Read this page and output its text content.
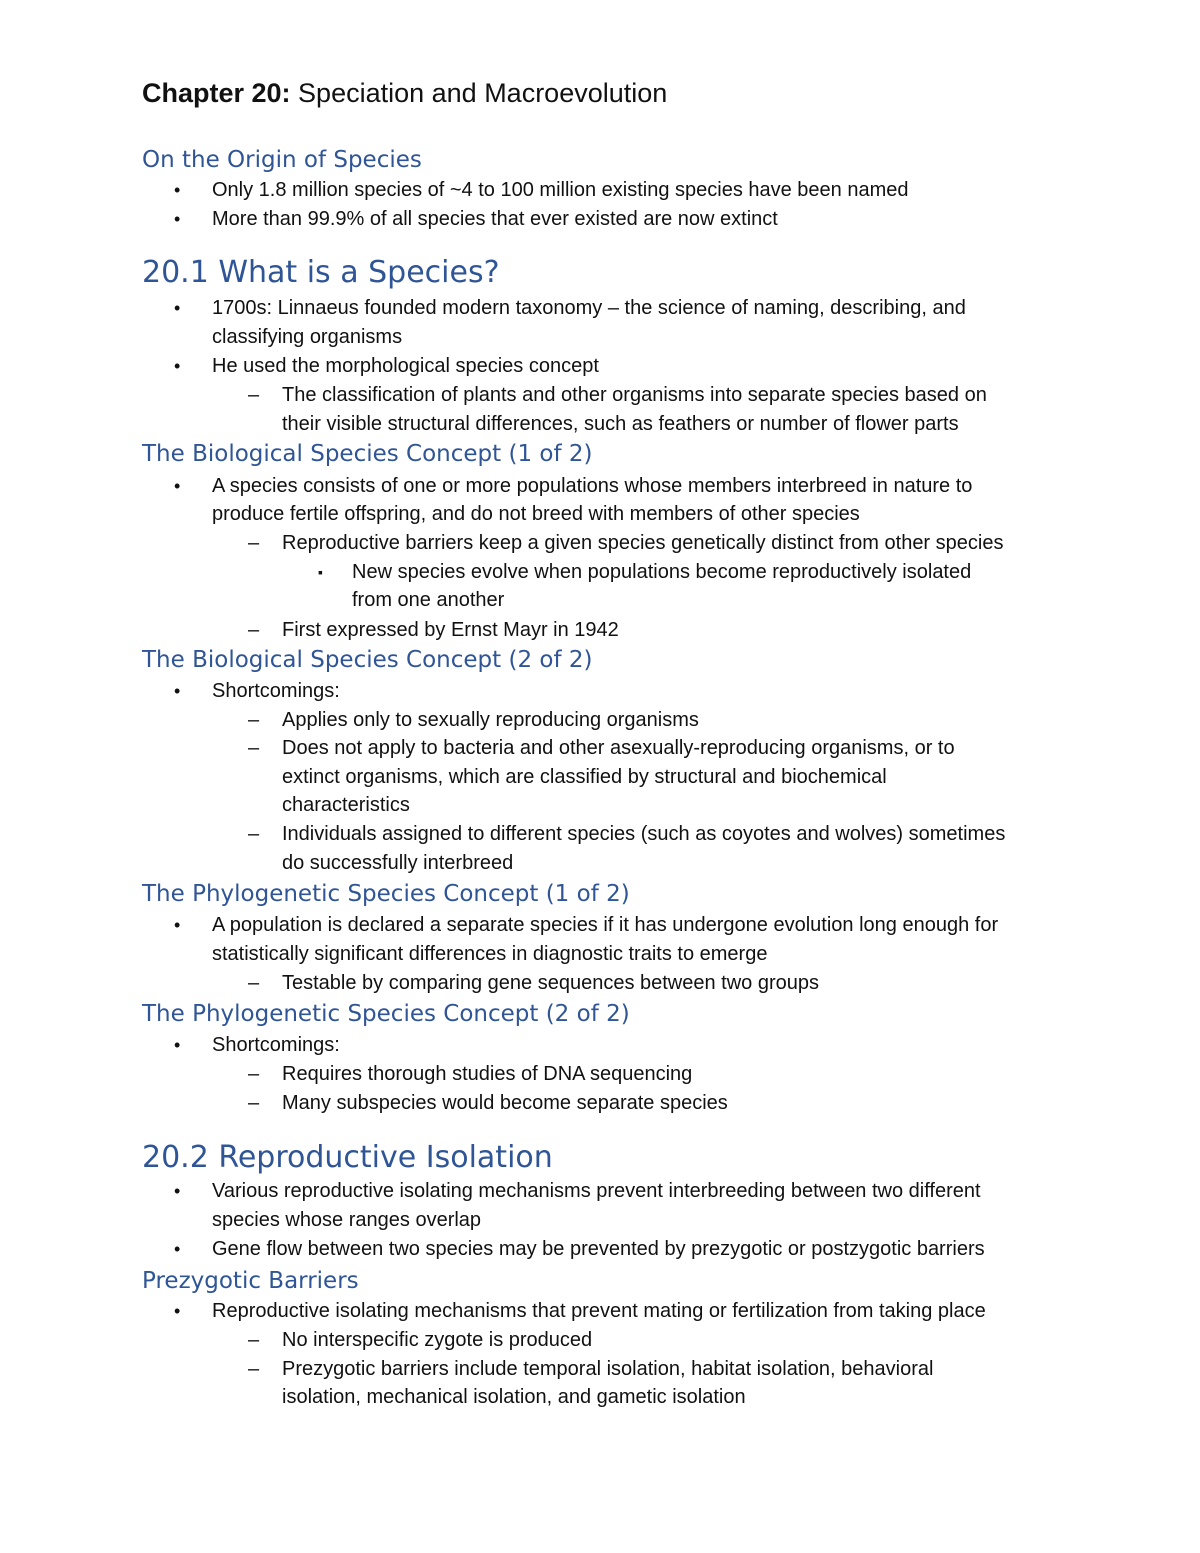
Chapter 20: Speciation and Macroevolution

On the Origin of Species

• Only 1.8 million species of ~4 to 100 million existing species have been named

• More than 99.9% of all species that ever existed are now extinct

20.1 What is a Species?

• 1700s: Linnaeus founded modern taxonomy – the science of naming, describing, and

classifying organisms

• He used the morphological species concept

– The classification of plants and other organisms into separate species based on

their visible structural differences, such as feathers or number of flower parts

The Biological Species Concept (1 of 2)

• A species consists of one or more populations whose members interbreed in nature to

produce fertile offspring, and do not breed with members of other species

– Reproductive barriers keep a given species genetically distinct from other species

▪ New species evolve when populations become reproductively isolated

from one another

– First expressed by Ernst Mayr in 1942

The Biological Species Concept (2 of 2)

• Shortcomings:

– Applies only to sexually reproducing organisms

– Does not apply to bacteria and other asexually-reproducing organisms, or to

extinct organisms, which are classified by structural and biochemical

characteristics

– Individuals assigned to different species (such as coyotes and wolves) sometimes

do successfully interbreed

The Phylogenetic Species Concept (1 of 2)

• A population is declared a separate species if it has undergone evolution long enough for

statistically significant differences in diagnostic traits to emerge

– Testable by comparing gene sequences between two groups

The Phylogenetic Species Concept (2 of 2)

• Shortcomings:

– Requires thorough studies of DNA sequencing

– Many subspecies would become separate species

20.2 Reproductive Isolation

• Various reproductive isolating mechanisms prevent interbreeding between two different

species whose ranges overlap

• Gene flow between two species may be prevented by prezygotic or postzygotic barriers

Prezygotic Barriers

• Reproductive isolating mechanisms that prevent mating or fertilization from taking place

– No interspecific zygote is produced

– Prezygotic barriers include temporal isolation, habitat isolation, behavioral

isolation, mechanical isolation, and gametic isolation
